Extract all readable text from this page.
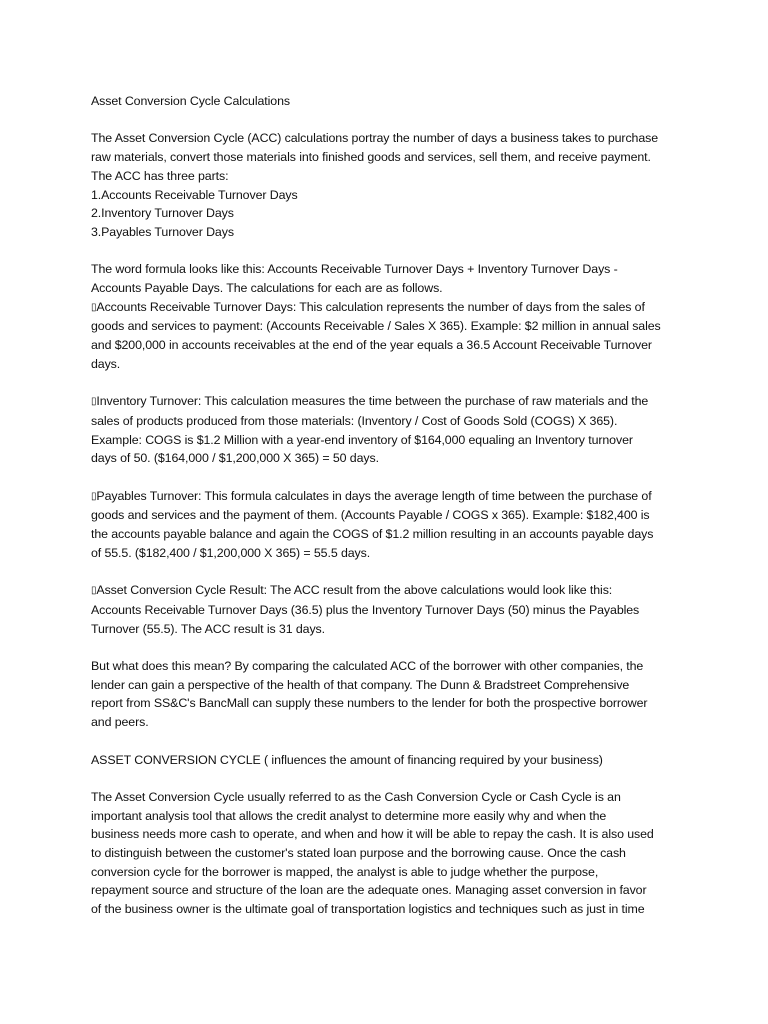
Asset Conversion Cycle Calculations

The Asset Conversion Cycle (ACC) calculations portray the number of days a business takes to purchase
raw materials, convert those materials into finished goods and services, sell them, and receive payment.
The ACC has three parts:
1.Accounts Receivable Turnover Days
2.Inventory Turnover Days
3.Payables Turnover Days

The word formula looks like this: Accounts Receivable Turnover Days + Inventory Turnover Days -
Accounts Payable Days. The calculations for each are as follows.
▯Accounts Receivable Turnover Days: This calculation represents the number of days from the sales of
goods and services to payment: (Accounts Receivable / Sales X 365). Example: $2 million in annual sales
and $200,000 in accounts receivables at the end of the year equals a 36.5 Account Receivable Turnover
days.

▯Inventory Turnover: This calculation measures the time between the purchase of raw materials and the
sales of products produced from those materials: (Inventory / Cost of Goods Sold (COGS) X 365).
Example: COGS is $1.2 Million with a year-end inventory of $164,000 equaling an Inventory turnover
days of 50. ($164,000 / $1,200,000 X 365) = 50 days.

▯Payables Turnover: This formula calculates in days the average length of time between the purchase of
goods and services and the payment of them. (Accounts Payable / COGS x 365). Example: $182,400 is
the accounts payable balance and again the COGS of $1.2 million resulting in an accounts payable days
of 55.5. ($182,400 / $1,200,000 X 365) = 55.5 days.

▯Asset Conversion Cycle Result: The ACC result from the above calculations would look like this:
Accounts Receivable Turnover Days (36.5) plus the Inventory Turnover Days (50) minus the Payables
Turnover (55.5). The ACC result is 31 days.

But what does this mean? By comparing the calculated ACC of the borrower with other companies, the
lender can gain a perspective of the health of that company. The Dunn & Bradstreet Comprehensive
report from SS&C's BancMall can supply these numbers to the lender for both the prospective borrower
and peers.

ASSET CONVERSION CYCLE ( influences the amount of financing required by your business)

The Asset Conversion Cycle usually referred to as the Cash Conversion Cycle or Cash Cycle is an
important analysis tool that allows the credit analyst to determine more easily why and when the
business needs more cash to operate, and when and how it will be able to repay the cash. It is also used
to distinguish between the customer's stated loan purpose and the borrowing cause. Once the cash
conversion cycle for the borrower is mapped, the analyst is able to judge whether the purpose,
repayment source and structure of the loan are the adequate ones. Managing asset conversion in favor
of the business owner is the ultimate goal of transportation logistics and techniques such as just in time
